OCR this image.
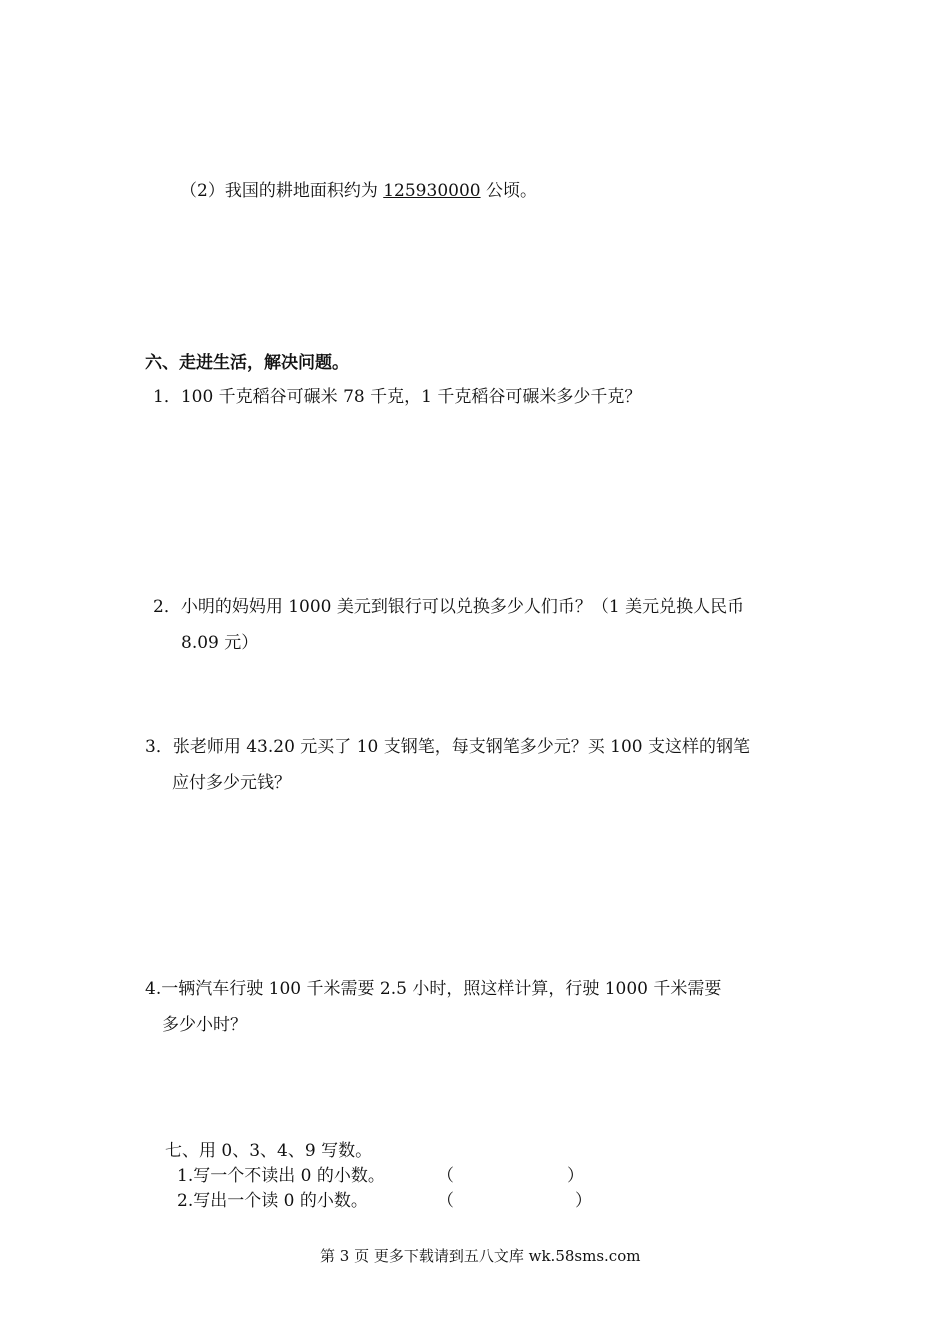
（2）我国的耕地面积约为 125930000 公顷。
六、走进生活，解决问题。
1．100 千克稻谷可碾米 78 千克，1 千克稻谷可碾米多少千克？
2．小明的妈妈用 1000 美元到银行可以兑换多少人们币？（1 美元兑换人民币
8.09 元）
3．张老师用 43.20 元买了 10 支钢笔，每支钢笔多少元？买 100 支这样的钢笔
应付多少元钱？
4.一辆汽车行驶 100 千米需要 2.5 小时，照这样计算，行驶 1000 千米需要
多少小时？
七、用 0、3、4、9 写数。
1.写一个不读出 0 的小数。	（	）
2.写出一个读 0 的小数。	（	）
第 3 页 更多下载请到五八文库 wk.58sms.com
